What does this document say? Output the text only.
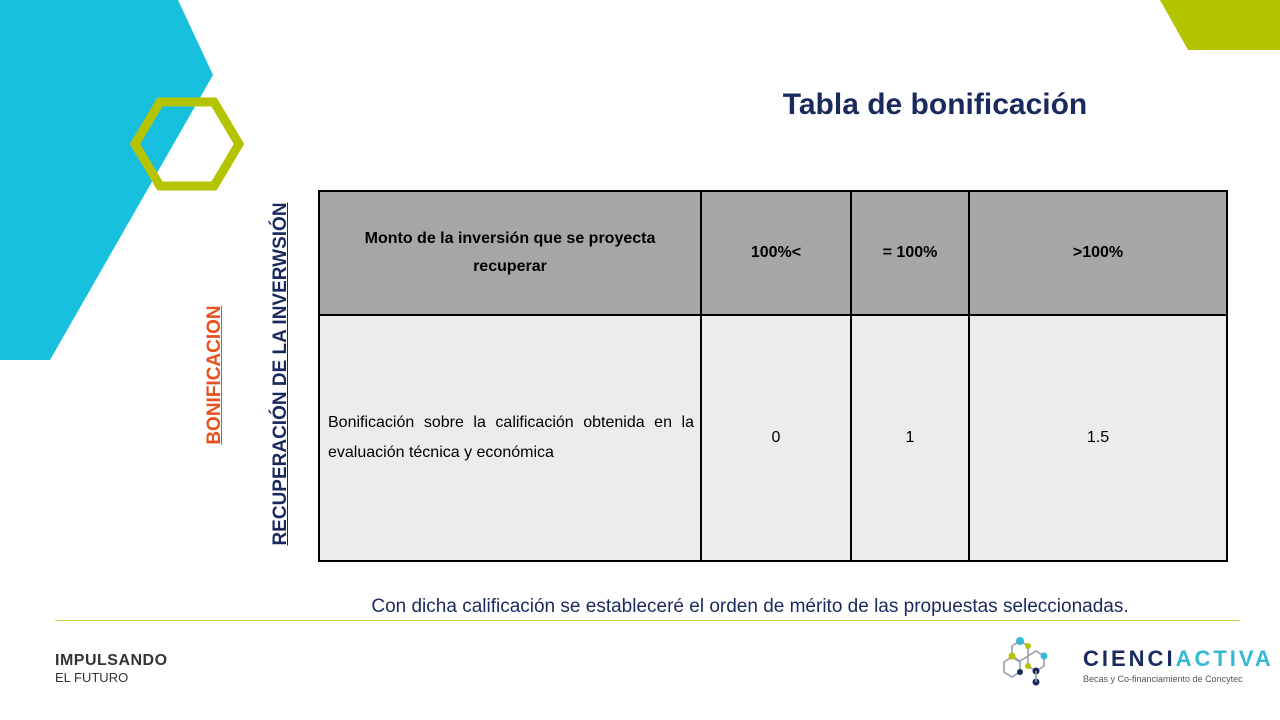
Tabla de bonificación
RECUPERACIÓN DE LA INVERWSIÓN
BONIFICACION
Monto de la inversión que se proyecta recuperar	100%<	= 100%	>100%
Bonificación sobre la calificación obtenida en la evaluación técnica y económica	0	1	1.5
Con dicha calificación se estableceré el orden de mérito de las propuestas seleccionadas.
IMPULSANDO
EL FUTURO
CIENCIACTIVA
Becas y Co-financiamiento de Concytec
